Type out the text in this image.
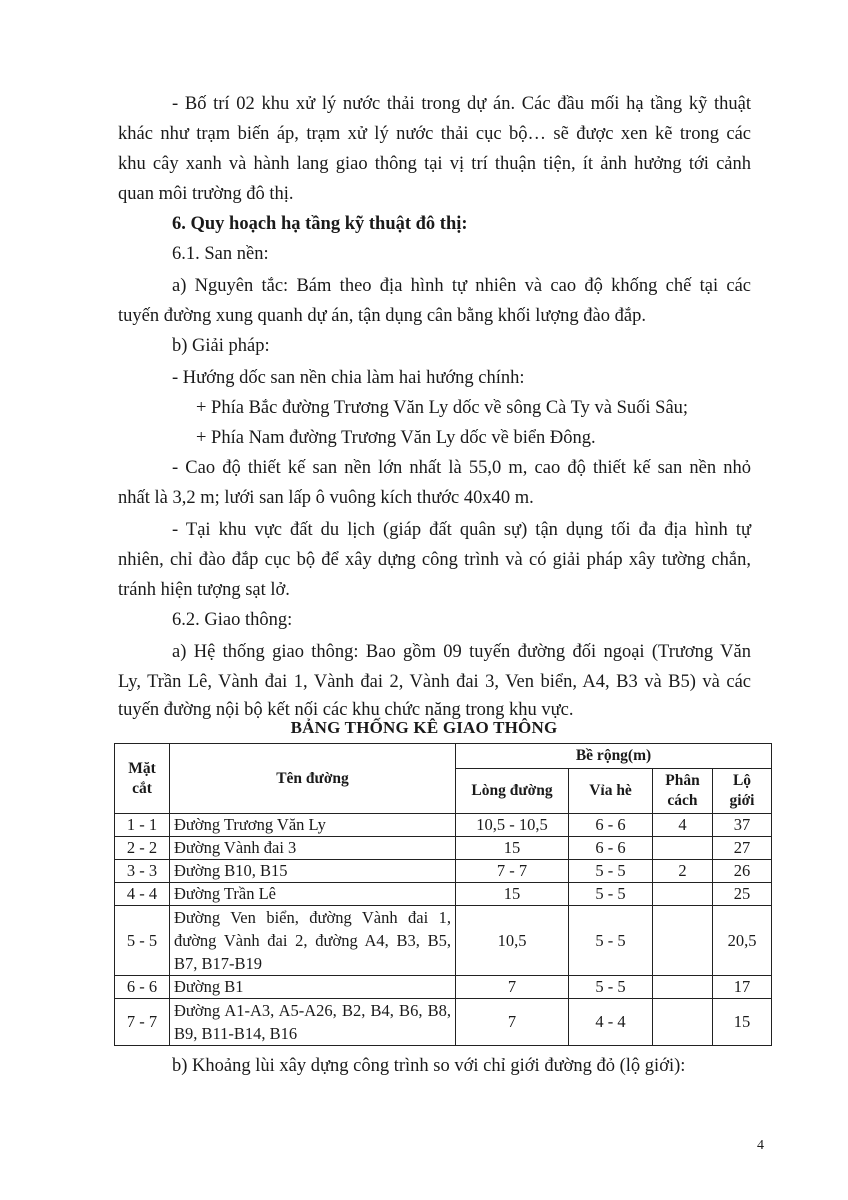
- Bố trí 02 khu xử lý nước thải trong dự án. Các đầu mối hạ tầng kỹ thuật
khác như trạm biến áp, trạm xử lý nước thải cục bộ… sẽ được xen kẽ trong các
khu cây xanh và hành lang giao thông tại vị trí thuận tiện, ít ảnh hưởng tới cảnh
quan môi trường đô thị.
6. Quy hoạch hạ tầng kỹ thuật đô thị:
6.1. San nền:
a) Nguyên tắc: Bám theo địa hình tự nhiên và cao độ khống chế tại các
tuyến đường xung quanh dự án, tận dụng cân bằng khối lượng đào đắp.
b) Giải pháp:
- Hướng dốc san nền chia làm hai hướng chính:
+ Phía Bắc đường Trương Văn Ly dốc về sông Cà Ty và Suối Sâu;
+ Phía Nam đường Trương Văn Ly dốc về biển Đông.
- Cao độ thiết kế san nền lớn nhất là 55,0 m, cao độ thiết kế san nền nhỏ
nhất là 3,2 m; lưới san lấp ô vuông kích thước 40x40 m.
- Tại khu vực đất du lịch (giáp đất quân sự) tận dụng tối đa địa hình tự
nhiên, chỉ đào đắp cục bộ để xây dựng công trình và có giải pháp xây tường chắn,
tránh hiện tượng sạt lở.
6.2. Giao thông:
a) Hệ thống giao thông: Bao gồm 09 tuyến đường đối ngoại (Trương Văn
Ly, Trần Lê, Vành đai 1, Vành đai 2, Vành đai 3, Ven biển, A4, B3 và B5) và các
tuyến đường nội bộ kết nối các khu chức năng trong khu vực.
BẢNG THỐNG KÊ GIAO THÔNG
Mặt cắt	Tên đường	Bề rộng(m)			
		Lòng đường	Vỉa hè	Phân cách	Lộ giới
1 - 1	Đường Trương Văn Ly	10,5 - 10,5	6 - 6	4	37
2 - 2	Đường Vành đai 3	15	6 - 6		27
3 - 3	Đường B10, B15	7 - 7	5 - 5	2	26
4 - 4	Đường Trần Lê	15	5 - 5		25
5 - 5	Đường Ven biển, đường Vành đai 1, đường Vành đai 2, đường A4, B3, B5, B7, B17-B19	10,5	5 - 5		20,5
6 - 6	Đường B1	7	5 - 5		17
7 - 7	Đường A1-A3, A5-A26, B2, B4, B6, B8, B9, B11-B14, B16	7	4 - 4		15
b) Khoảng lùi xây dựng công trình so với chỉ giới đường đỏ (lộ giới):
4
